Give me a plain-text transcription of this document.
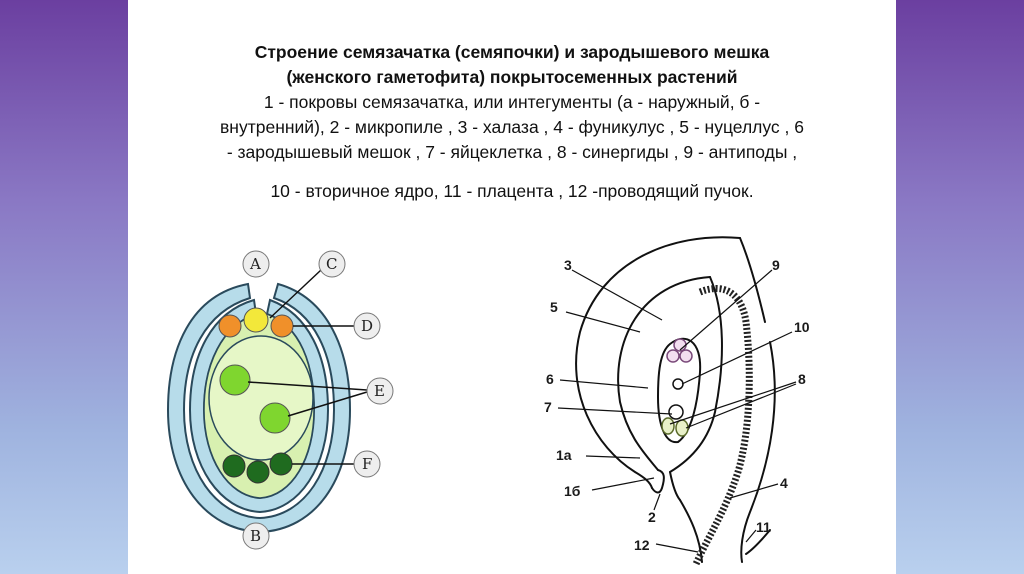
Строение семязачатка (семяпочки) и зародышевого мешка
(женского гаметофита) покрытосеменных растений
1 - покровы семязачатка, или интегументы (а - наружный, б -
внутренний), 2 - микропиле , 3 - халаза , 4 - фуникулус , 5 - нуцеллус , 6
- зародышевый мешок , 7 - яйцеклетка , 8 - синергиды , 9 - антиподы ,
10 - вторичное ядро, 11 - плацента , 12 -проводящий пучок.
A	C
D
E
F
B
3
5
9
10
6	8
7
1а
1б	4
2
11
12
